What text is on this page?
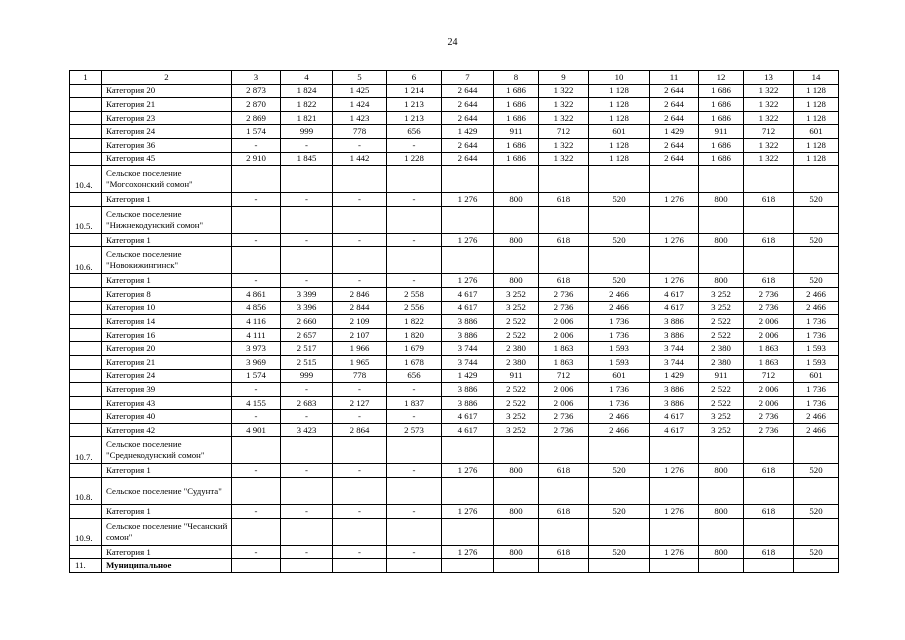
24
1	2	3	4	5	6	7	8	9	10	11	12	13	14
	Категория 20	2 873	1 824	1 425	1 214	2 644	1 686	1 322	1 128	2 644	1 686	1 322	1 128
	Категория 21	2 870	1 822	1 424	1 213	2 644	1 686	1 322	1 128	2 644	1 686	1 322	1 128
	Категория 23	2 869	1 821	1 423	1 213	2 644	1 686	1 322	1 128	2 644	1 686	1 322	1 128
	Категория 24	1 574	999	778	656	1 429	911	712	601	1 429	911	712	601
	Категория 36	-	-	-	-	2 644	1 686	1 322	1 128	2 644	1 686	1 322	1 128
	Категория 45	2 910	1 845	1 442	1 228	2 644	1 686	1 322	1 128	2 644	1 686	1 322	1 128
10.4.	Сельское поселение "Могсохонский сомон"												
	Категория 1	-	-	-	-	1 276	800	618	520	1 276	800	618	520
10.5.	Сельское поселение "Нижнекодунский сомон"												
	Категория 1	-	-	-	-	1 276	800	618	520	1 276	800	618	520
10.6.	Сельское поселение "Новокижингинск"												
	Категория 1	-	-	-	-	1 276	800	618	520	1 276	800	618	520
	Категория 8	4 861	3 399	2 846	2 558	4 617	3 252	2 736	2 466	4 617	3 252	2 736	2 466
	Категория 10	4 856	3 396	2 844	2 556	4 617	3 252	2 736	2 466	4 617	3 252	2 736	2 466
	Категория 14	4 116	2 660	2 109	1 822	3 886	2 522	2 006	1 736	3 886	2 522	2 006	1 736
	Категория 16	4 111	2 657	2 107	1 820	3 886	2 522	2 006	1 736	3 886	2 522	2 006	1 736
	Категория 20	3 973	2 517	1 966	1 679	3 744	2 380	1 863	1 593	3 744	2 380	1 863	1 593
	Категория 21	3 969	2 515	1 965	1 678	3 744	2 380	1 863	1 593	3 744	2 380	1 863	1 593
	Категория 24	1 574	999	778	656	1 429	911	712	601	1 429	911	712	601
	Категория 39	-	-	-	-	3 886	2 522	2 006	1 736	3 886	2 522	2 006	1 736
	Категория 43	4 155	2 683	2 127	1 837	3 886	2 522	2 006	1 736	3 886	2 522	2 006	1 736
	Категория 40	-	-	-	-	4 617	3 252	2 736	2 466	4 617	3 252	2 736	2 466
	Категория 42	4 901	3 423	2 864	2 573	4 617	3 252	2 736	2 466	4 617	3 252	2 736	2 466
10.7.	Сельское поселение "Среднекодунский сомон"												
	Категория 1	-	-	-	-	1 276	800	618	520	1 276	800	618	520
10.8.	Сельское поселение "Судунта"												
	Категория 1	-	-	-	-	1 276	800	618	520	1 276	800	618	520
10.9.	Сельское поселение "Чесанский сомон"												
	Категория 1	-	-	-	-	1 276	800	618	520	1 276	800	618	520
11.	Муниципальное												
